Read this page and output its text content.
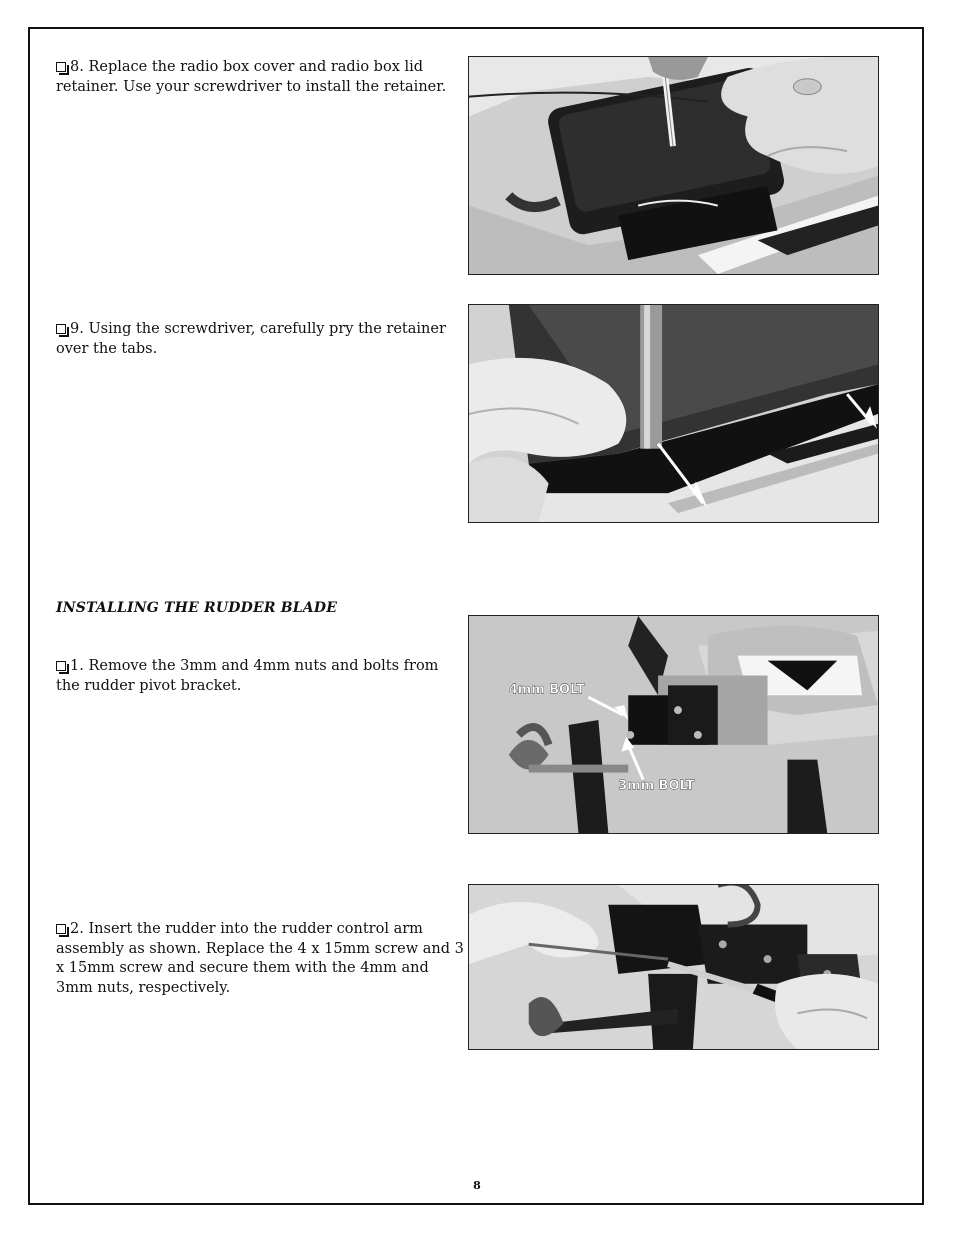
8. Replace the radio box cover and radio box lid retainer. Use your screwdriver to install the retainer.
9. Using the screwdriver, carefully pry the retainer over the tabs.
INSTALLING THE RUDDER BLADE
1. Remove the 3mm and 4mm nuts and bolts from the rudder pivot bracket.	4mm BOLT
3mm BOLT
2. Insert the rudder into the rudder control arm assembly as shown. Replace the 4 x 15mm screw and 3 x 15mm screw and secure them with the 4mm and 3mm nuts, respectively.
8
